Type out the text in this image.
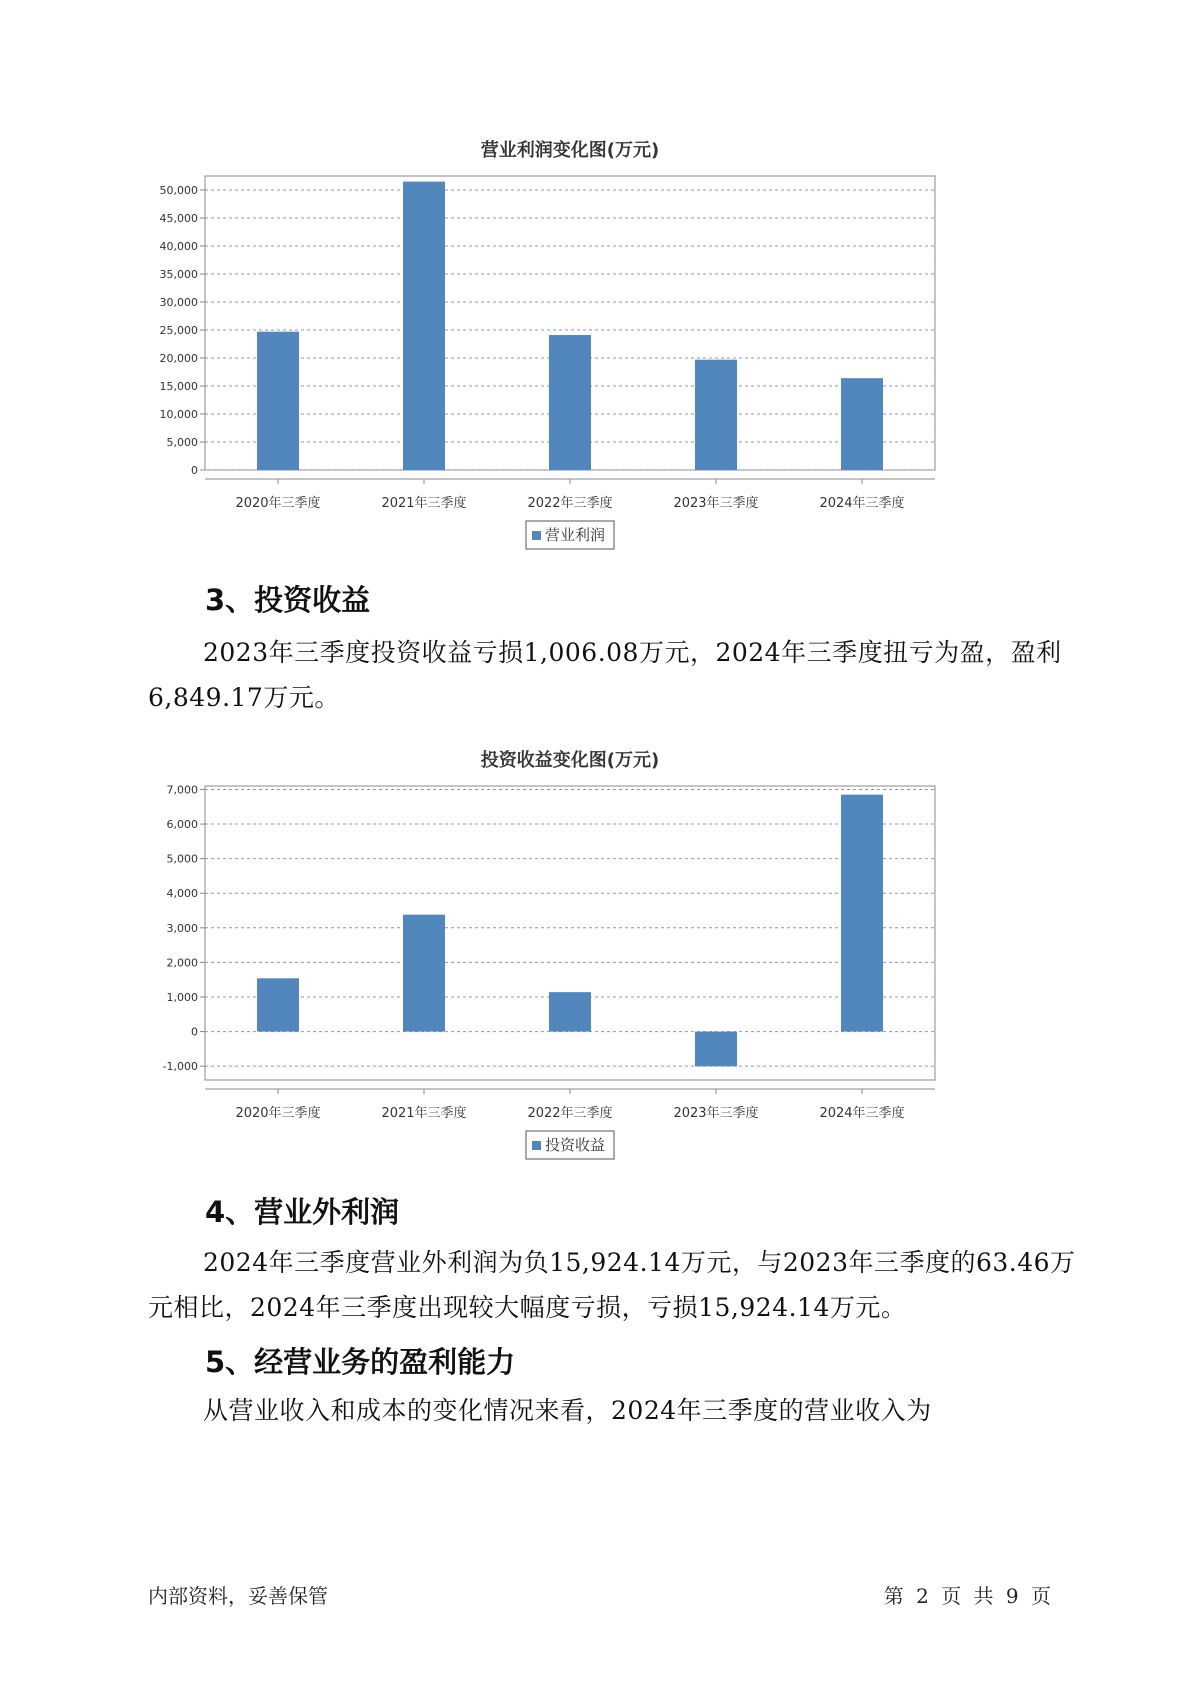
营业利润变化图(万元)
0
5,000
10,000
15,000
20,000
25,000
30,000
35,000
40,000
45,000
50,000
2020年三季度	2021年三季度	2022年三季度	2023年三季度	2024年三季度
营业利润
3、投资收益

2023年三季度投资收益亏损1,006.08万元，2024年三季度扭亏为盈，盈利6,849.17万元。

投资收益变化图(万元)
-1,000
0
1,000
2,000
3,000
4,000
5,000
6,000
7,000
2020年三季度	2021年三季度	2022年三季度	2023年三季度	2024年三季度
投资收益
4、营业外利润

2024年三季度营业外利润为负15,924.14万元，与2023年三季度的63.46万元相比，2024年三季度出现较大幅度亏损，亏损15,924.14万元。

5、经营业务的盈利能力

从营业收入和成本的变化情况来看，2024年三季度的营业收入为

内部资料，妥善保管	第 2 页 共 9 页
